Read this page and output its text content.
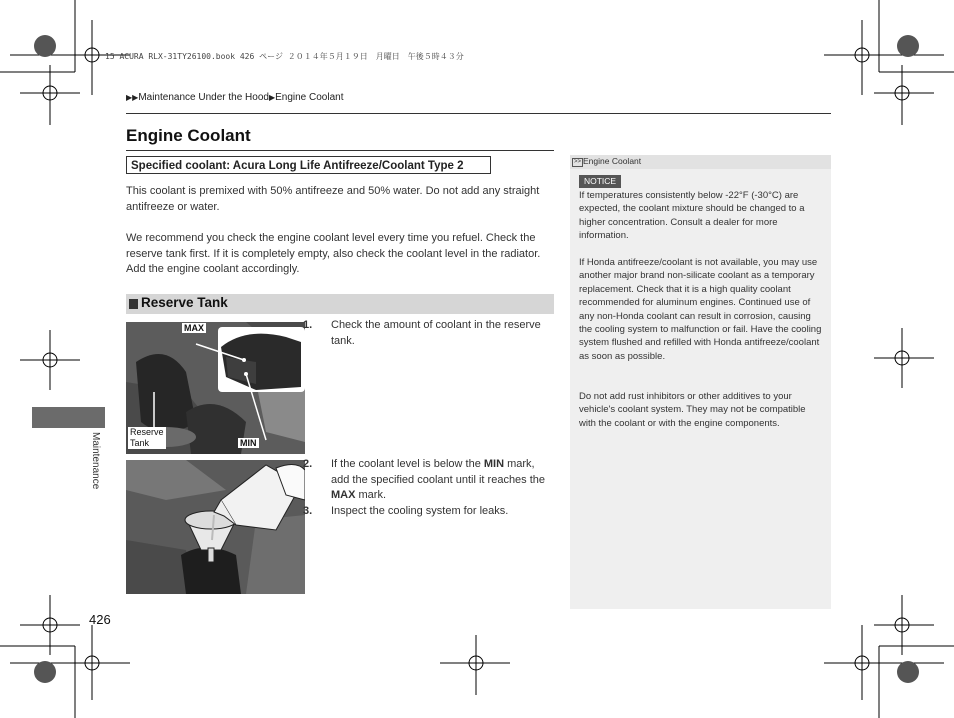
15 ACURA RLX-31TY26100.book 426 ページ ２０１４年５月１９日　月曜日　午後５時４３分
▶▶Maintenance Under the Hood▶Engine Coolant
Engine Coolant
Specified coolant: Acura Long Life Antifreeze/Coolant Type 2
This coolant is premixed with 50% antifreeze and 50% water. Do not add any straight antifreeze or water.
We recommend you check the engine coolant level every time you refuel. Check the reserve tank first. If it is completely empty, also check the coolant level in the radiator. Add the engine coolant accordingly.
Reserve Tank
MAX
MIN
Reserve
Tank
1. Check the amount of coolant in the reserve tank.
2. If the coolant level is below the MIN mark, add the specified coolant until it reaches the MAX mark.
3. Inspect the cooling system for leaks.
Maintenance
426
>> Engine Coolant
NOTICE
If temperatures consistently below -22°F (-30°C) are expected, the coolant mixture should be changed to a higher concentration. Consult a dealer for more information.
If Honda antifreeze/coolant is not available, you may use another major brand non-silicate coolant as a temporary replacement. Check that it is a high quality coolant recommended for aluminum engines. Continued use of any non-Honda coolant can result in corrosion, causing the cooling system to malfunction or fail. Have the cooling system flushed and refilled with Honda antifreeze/coolant as soon as possible.
Do not add rust inhibitors or other additives to your vehicle's coolant system. They may not be compatible with the coolant or with the engine components.
